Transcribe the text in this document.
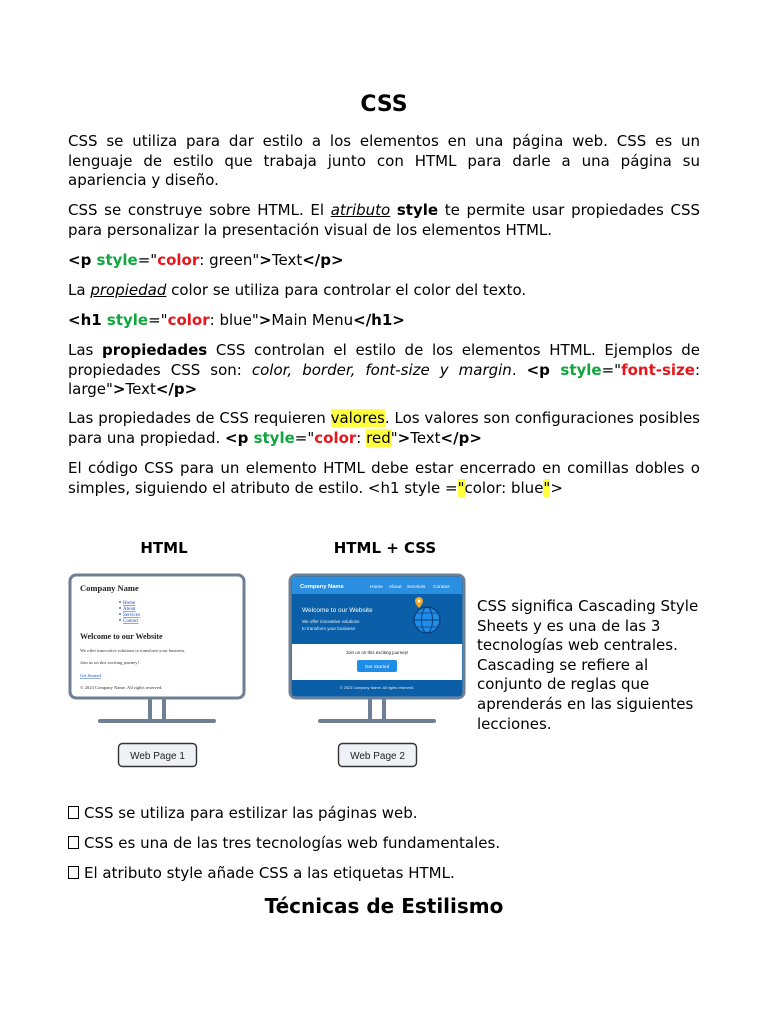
CSS

CSS se utiliza para dar estilo a los elementos en una página web. CSS es un lenguaje de estilo que trabaja junto con HTML para darle a una página su apariencia y diseño.

CSS se construye sobre HTML. El atributo style te permite usar propiedades CSS para personalizar la presentación visual de los elementos HTML.

<p style="color: green">Text</p>

La propiedad color se utiliza para controlar el color del texto.

<h1 style="color: blue">Main Menu</h1>

Las propiedades CSS controlan el estilo de los elementos HTML. Ejemplos de propiedades CSS son: color, border, font-size y margin. <p style="font-size: large">Text</p>

Las propiedades de CSS requieren valores. Los valores son configuraciones posibles para una propiedad. <p style="color: red">Text</p>

El código CSS para un elemento HTML debe estar encerrado en comillas dobles o simples, siguiendo el atributo de estilo. <h1 style ="color: blue">

HTML	HTML + CSS
Company Name
Home
About
Services
Contact
Welcome to our Website
We offer innovative solutions to transform your business.
Join us on this exciting journey!
Get Started
© 2023 Company Name. All rights reserved.
Company Name	Home About Services Contact
Welcome to our Website
We offer innovative solutions
to transform your business
Join us on this exciting journey!
Get Started
© 2023 Company Name. All rights reserved.
Web Page 1	Web Page 2

CSS significa Cascading Style Sheets y es una de las 3 tecnologías web centrales. Cascading se refiere al conjunto de reglas que aprenderás en las siguientes lecciones.

CSS se utiliza para estilizar las páginas web.

CSS es una de las tres tecnologías web fundamentales.

El atributo style añade CSS a las etiquetas HTML.

Técnicas de Estilismo
